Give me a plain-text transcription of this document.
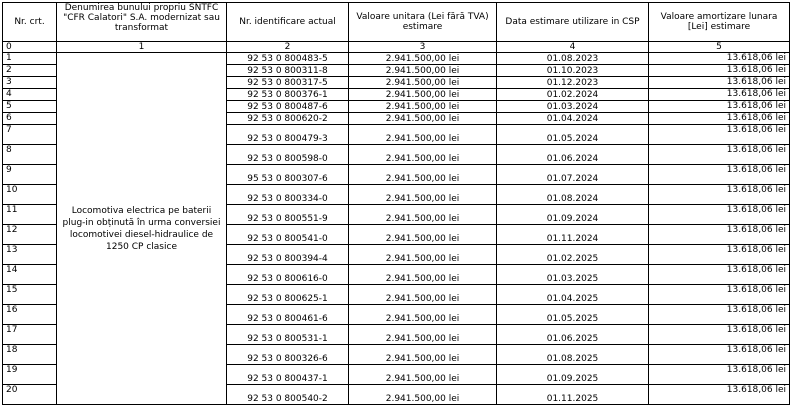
Nr. crt.	Denumirea bunului propriu SNTFC "CFR Calatori" S.A. modernizat sau transformat	Nr. identificare actual	Valoare unitara (Lei fără TVA) estimare	Data estimare utilizare in CSP	Valoare amortizare lunara [Lei] estimare
0	1	2	3	4	5
1	Locomotiva electrica pe baterii plug-in obținută în urma conversiei locomotivei diesel-hidraulice de 1250 CP clasice	92 53 0 800483-5	2.941.500,00 lei	01.08.2023	13.618,06 lei
2		92 53 0 800311-8	2.941.500,00 lei	01.10.2023	13.618,06 lei
3		92 53 0 800317-5	2.941.500,00 lei	01.12.2023	13.618,06 lei
4		92 53 0 800376-1	2.941.500,00 lei	01.02.2024	13.618,06 lei
5		92 53 0 800487-6	2.941.500,00 lei	01.03.2024	13.618,06 lei
6		92 53 0 800620-2	2.941.500,00 lei	01.04.2024	13.618,06 lei
7		92 53 0 800479-3	2.941.500,00 lei	01.05.2024	13.618,06 lei
8		92 53 0 800598-0	2.941.500,00 lei	01.06.2024	13.618,06 lei
9		95 53 0 800307-6	2.941.500,00 lei	01.07.2024	13.618,06 lei
10		92 53 0 800334-0	2.941.500,00 lei	01.08.2024	13.618,06 lei
11		92 53 0 800551-9	2.941.500,00 lei	01.09.2024	13.618,06 lei
12		92 53 0 800541-0	2.941.500,00 lei	01.11.2024	13.618,06 lei
13		92 53 0 800394-4	2.941.500,00 lei	01.02.2025	13.618,06 lei
14		92 53 0 800616-0	2.941.500,00 lei	01.03.2025	13.618,06 lei
15		92 53 0 800625-1	2.941.500,00 lei	01.04.2025	13.618,06 lei
16		92 53 0 800461-6	2.941.500,00 lei	01.05.2025	13.618,06 lei
17		92 53 0 800531-1	2.941.500,00 lei	01.06.2025	13.618,06 lei
18		92 53 0 800326-6	2.941.500,00 lei	01.08.2025	13.618,06 lei
19		92 53 0 800437-1	2.941.500,00 lei	01.09.2025	13.618,06 lei
20		92 53 0 800540-2	2.941.500,00 lei	01.11.2025	13.618,06 lei
